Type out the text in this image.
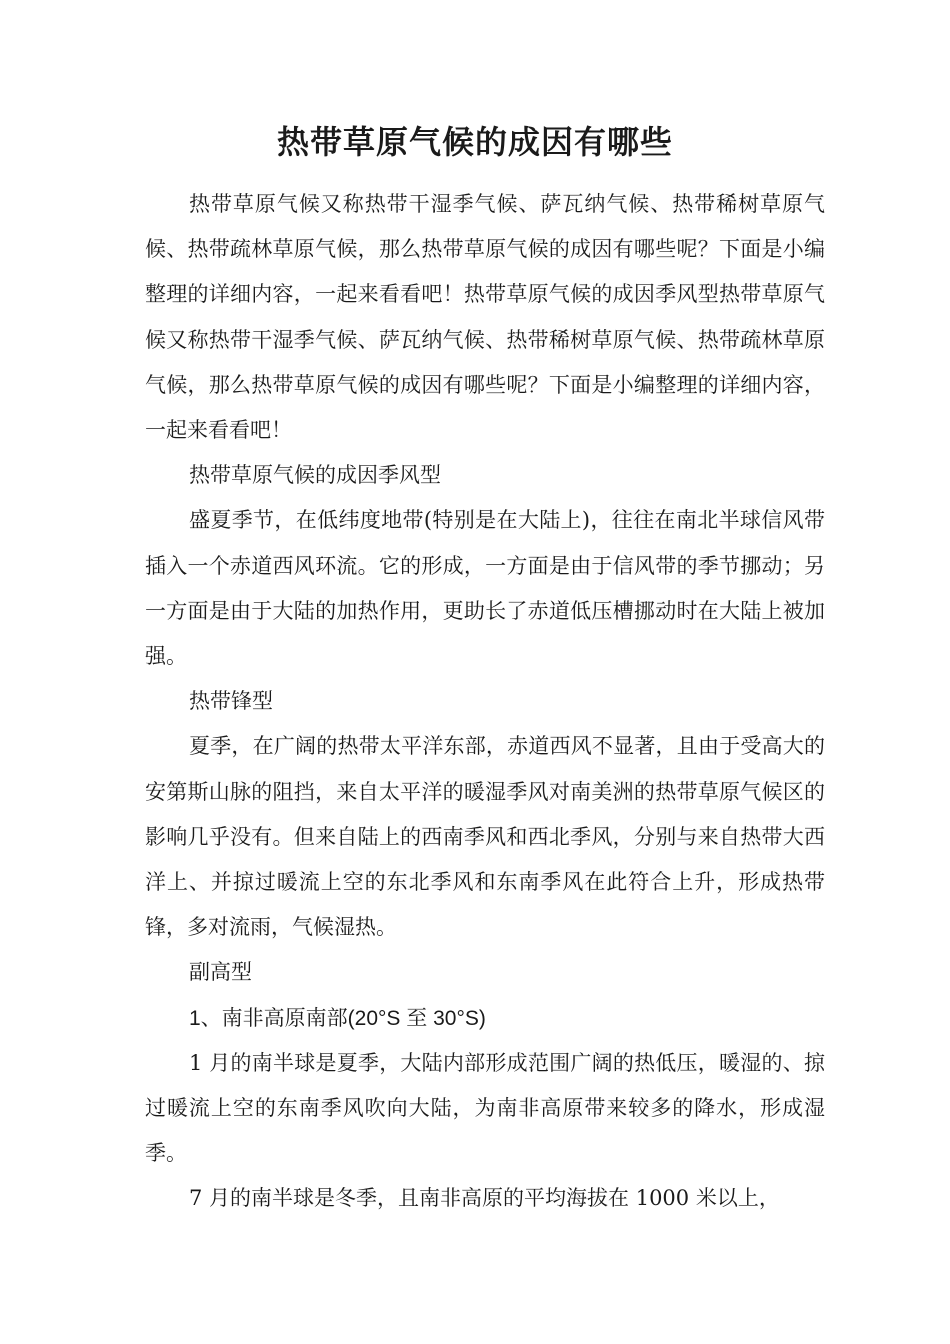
热带草原气候的成因有哪些

热带草原气候又称热带干湿季气候、萨瓦纳气候、热带稀树草原气候、热带疏林草原气候，那么热带草原气候的成因有哪些呢？下面是小编整理的详细内容，一起来看看吧！热带草原气候的成因季风型热带草原气候又称热带干湿季气候、萨瓦纳气候、热带稀树草原气候、热带疏林草原气候，那么热带草原气候的成因有哪些呢？下面是小编整理的详细内容，一起来看看吧！

热带草原气候的成因季风型

盛夏季节，在低纬度地带(特别是在大陆上)，往往在南北半球信风带插入一个赤道西风环流。它的形成，一方面是由于信风带的季节挪动；另一方面是由于大陆的加热作用，更助长了赤道低压槽挪动时在大陆上被加强。

热带锋型

夏季，在广阔的热带太平洋东部，赤道西风不显著，且由于受高大的安第斯山脉的阻挡，来自太平洋的暖湿季风对南美洲的热带草原气候区的影响几乎没有。但来自陆上的西南季风和西北季风，分别与来自热带大西洋上、并掠过暖流上空的东北季风和东南季风在此符合上升，形成热带锋，多对流雨，气候湿热。

副高型

1、南非高原南部(20°S 至 30°S)

1 月的南半球是夏季，大陆内部形成范围广阔的热低压，暖湿的、掠过暖流上空的东南季风吹向大陆，为南非高原带来较多的降水，形成湿季。

7 月的南半球是冬季，且南非高原的平均海拔在 1000 米以上，
